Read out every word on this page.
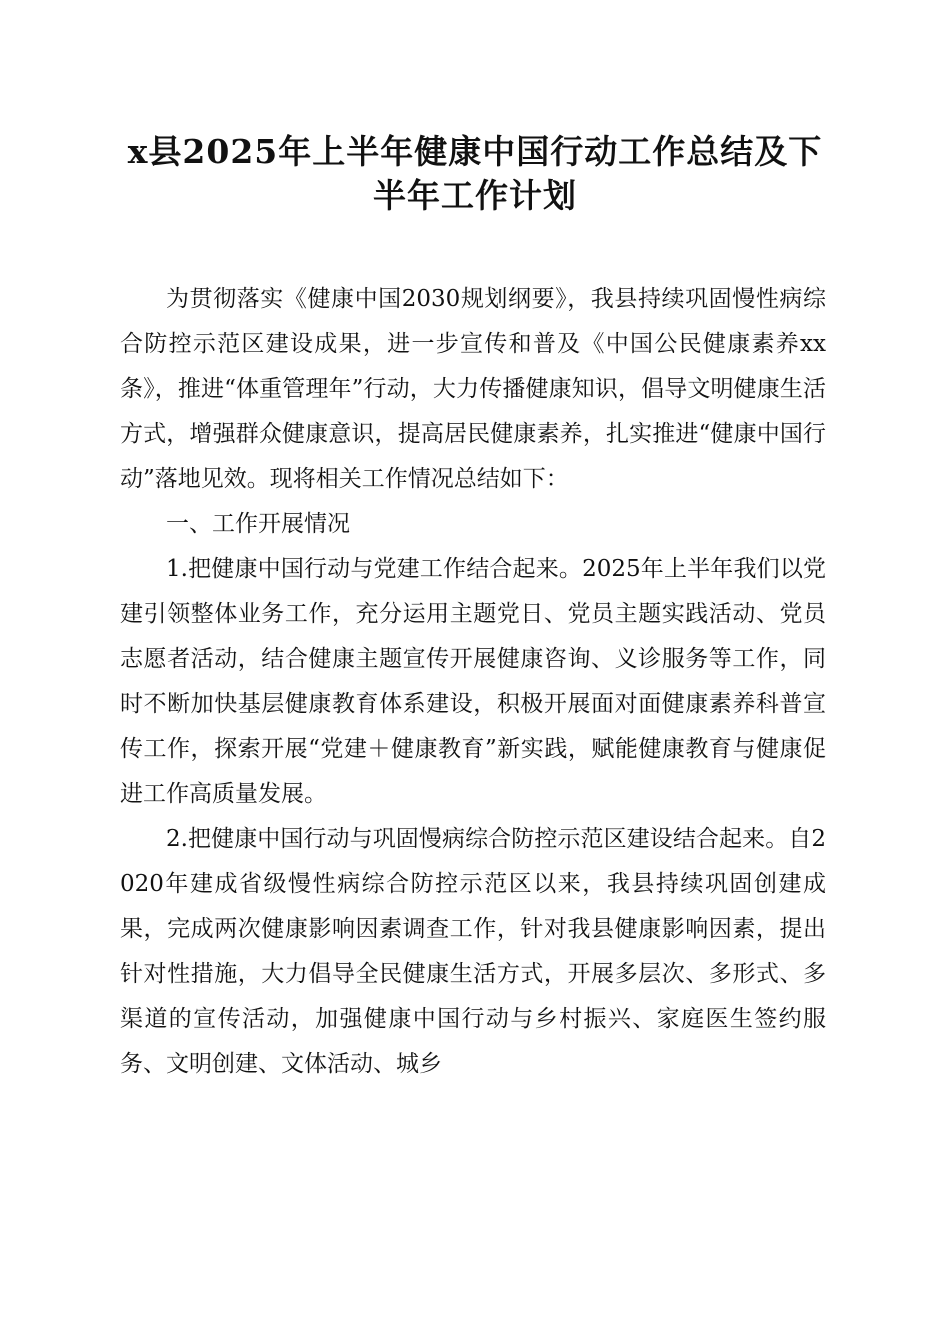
x县2025年上半年健康中国行动工作总结及下
半年工作计划

为贯彻落实《健康中国2030规划纲要》，我县持续巩固慢性病综合防控示范区建设成果，进一步宣传和普及《中国公民健康素养xx条》，推进“体重管理年”行动，大力传播健康知识，倡导文明健康生活方式，增强群众健康意识，提高居民健康素养，扎实推进“健康中国行动”落地见效。现将相关工作情况总结如下：

一、工作开展情况

1.把健康中国行动与党建工作结合起来。2025年上半年我们以党建引领整体业务工作，充分运用主题党日、党员主题实践活动、党员志愿者活动，结合健康主题宣传开展健康咨询、义诊服务等工作，同时不断加快基层健康教育体系建设，积极开展面对面健康素养科普宣传工作，探索开展“党建＋健康教育”新实践，赋能健康教育与健康促进工作高质量发展。

2.把健康中国行动与巩固慢病综合防控示范区建设结合起来。自2020年建成省级慢性病综合防控示范区以来，我县持续巩固创建成果，完成两次健康影响因素调查工作，针对我县健康影响因素，提出针对性措施，大力倡导全民健康生活方式，开展多层次、多形式、多渠道的宣传活动，加强健康中国行动与乡村振兴、家庭医生签约服务、文明创建、文体活动、城乡
